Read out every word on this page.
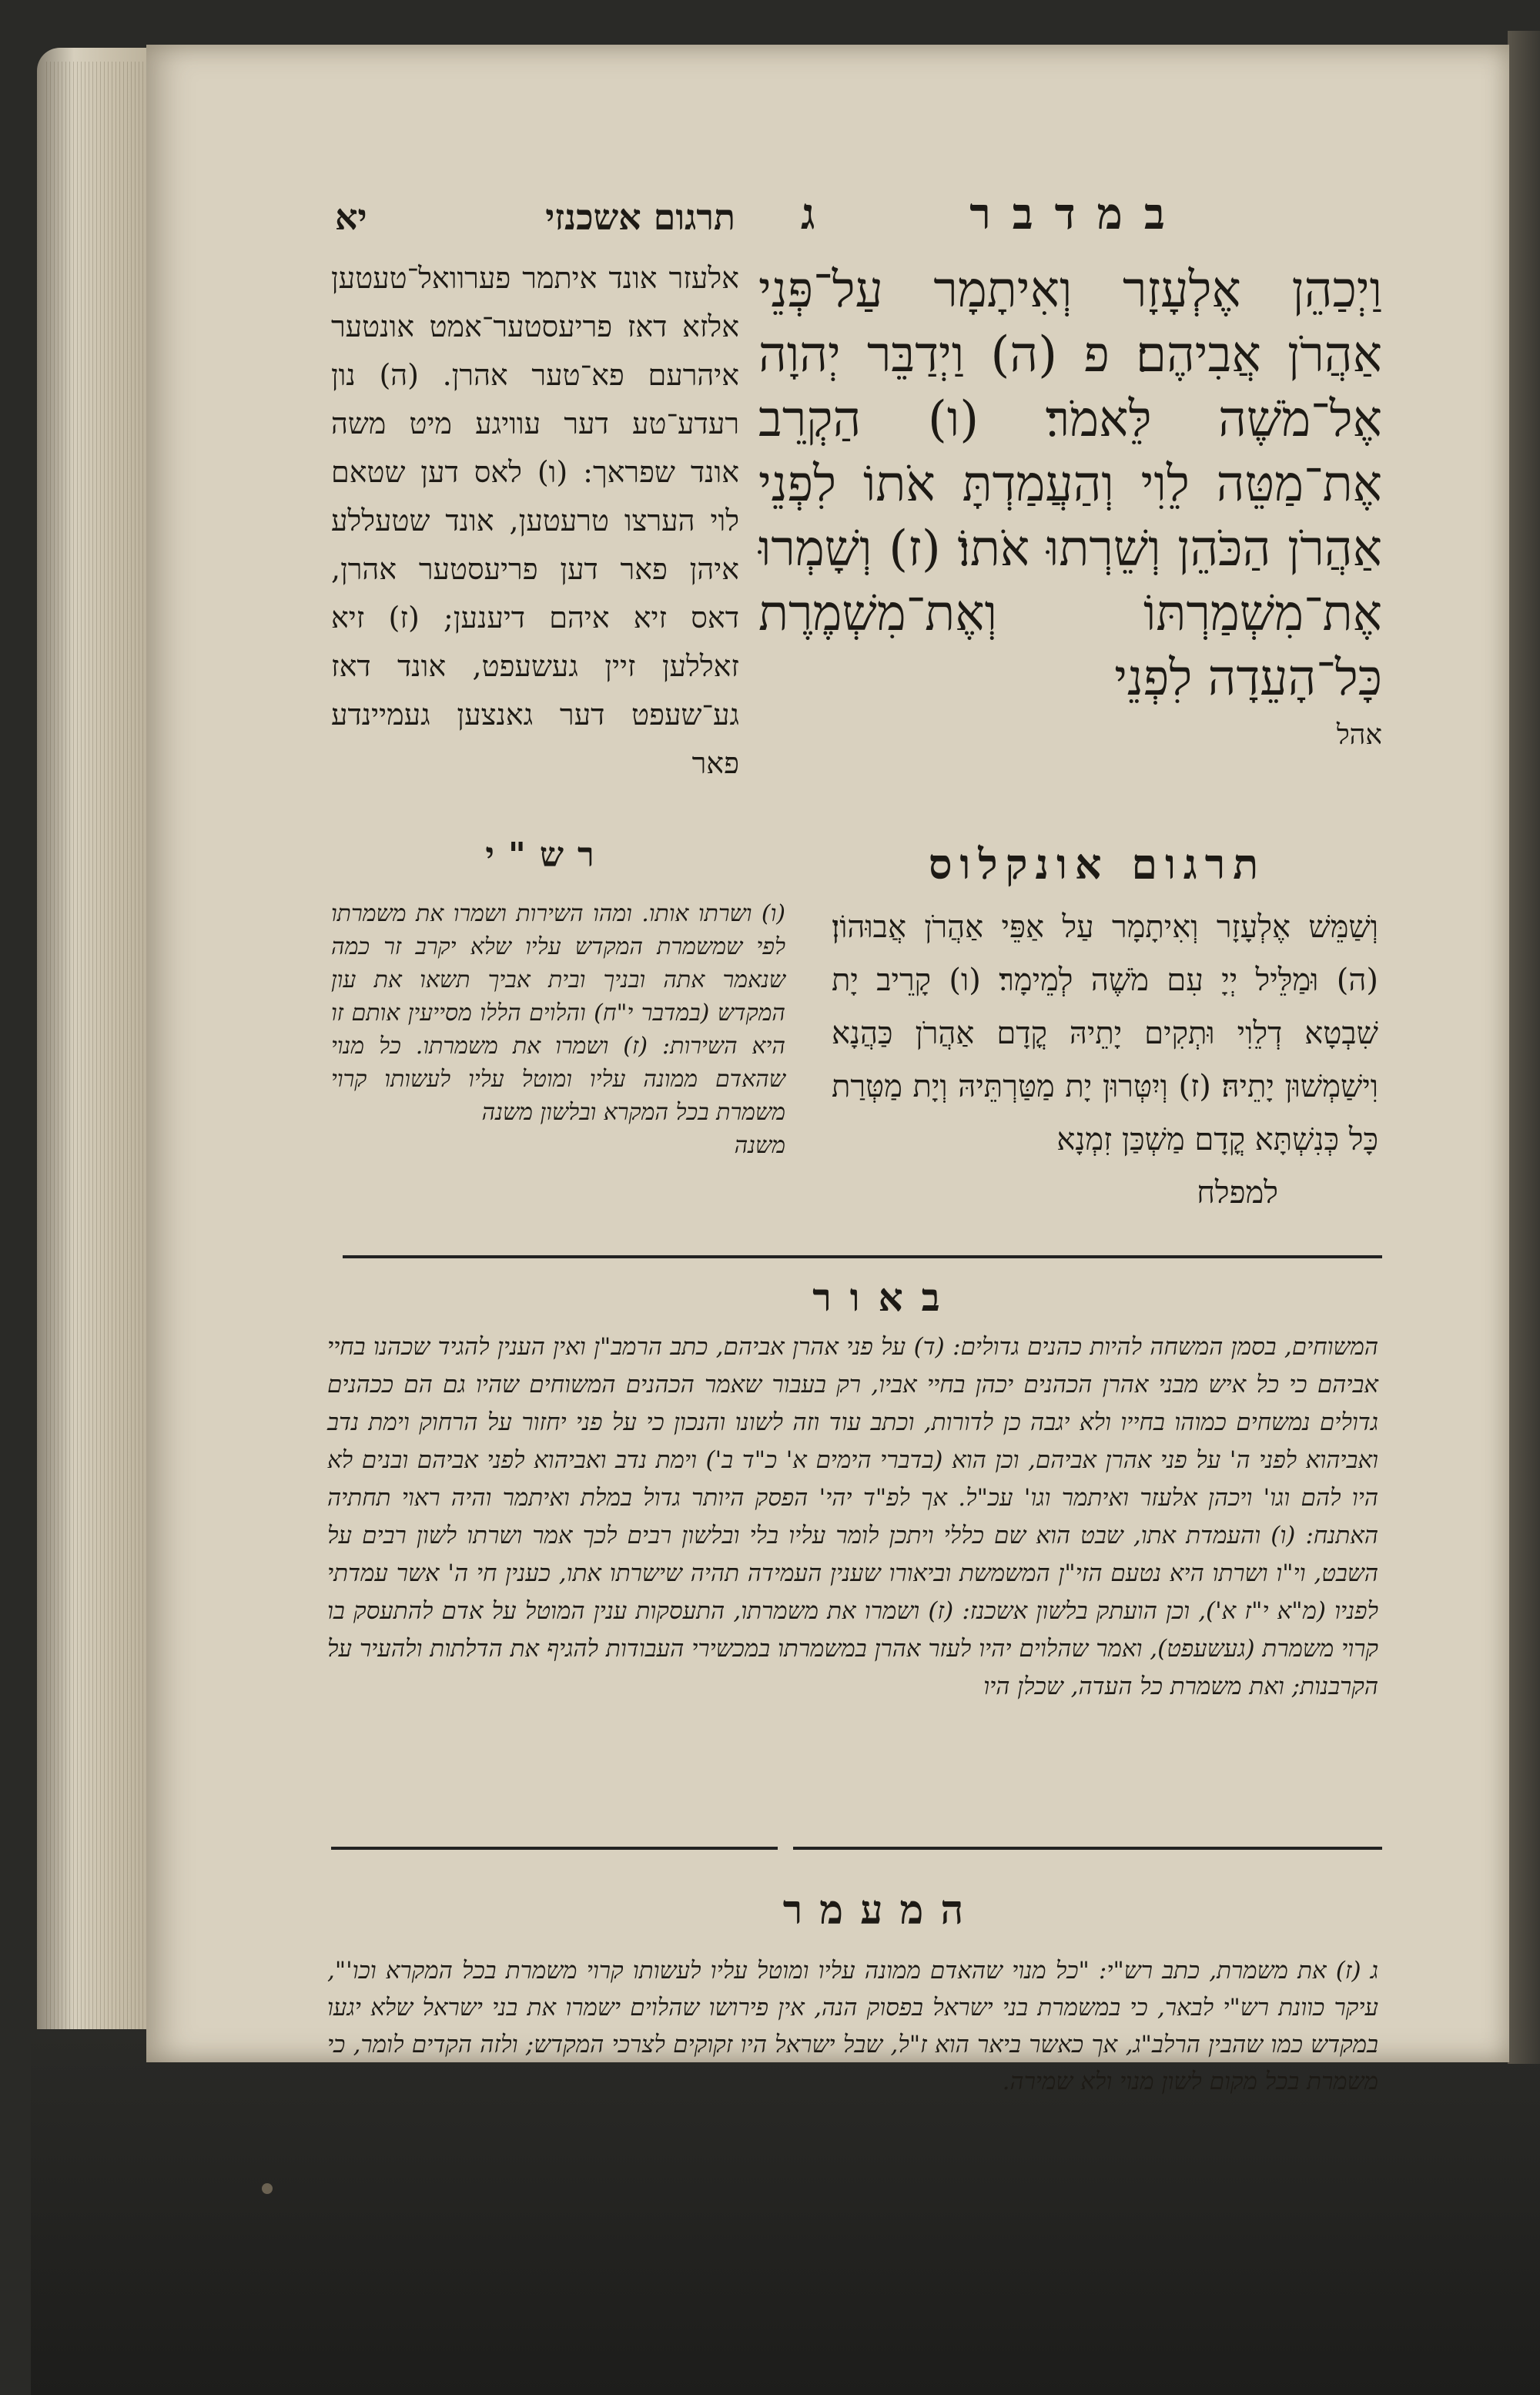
ג	במדבר
תרגום אשכנזי
יא
וַיְכַהֵן אֶלְעָזָר וְאִיתָמָר עַל־פְּנֵי אַהֲרֹן אֲבִיהֶם׃ פ (ה) וַיְדַבֵּר יְהוָה אֶל־מֹשֶׁה לֵּאמֹר׃ (ו) הַקְרֵב אֶת־מַטֵּה לֵוִי וְהַעֲמַדְתָּ אֹתוֹ לִפְנֵי אַהֲרֹן הַכֹּהֵן וְשֵׁרְתוּ אֹתוֹ׃ (ז) וְשָׁמְרוּ אֶת־מִשְׁמַרְתּוֹ וְאֶת־מִשְׁמֶרֶת כָּל־הָעֵדָה לִפְנֵי
אהל
אלעזר אונד איתמר פערוואל־טעטען אלזא דאז פריעסטער־אמט אונטער איהרעם פא־טער אהרן. (ה) נון רעדע־טע דער עוויגע מיט משה אונד שפראך: (ו) לאס דען שטאם לוי הערצו טרעטען, אונד שטעללע איהן פאר דען פריעסטער אהרן, דאס זיא איהם דיענען; (ז) זיא זאללען זיין געשעפט, אונד דאז גע־שעפט דער גאנצען געמיינדע פאר
תרגום אונקלוס
וְשַׁמֵּשׁ אֶלְעָזָר וְאִיתָמָר עַל אַפֵּי אַהֲרֹן אֲבוּהוֹן׃ (ה) וּמַלֵּיל יְיָ עִם מֹשֶׁה לְמֵימָר׃ (ו) קָרֵיב יָת שִׁבְטָא דְלֵוִי וּתְקִים יָתֵיהּ קֳדָם אַהֲרֹן כַּהֲנָא וִישַׁמְשׁוּן יָתֵיהּ׃ (ז) וְיִטְּרוּן יָת מַטַּרְתֵּיהּ וְיָת מַטְּרַת כָּל כְּנִשְׁתָּא קֳדָם מַשְׁכַּן זִמְנָא
למפלח
רש"י
(ו) ושרתו אותו. ומהו השירות ושמרו את משמרתו לפי שמשמרת המקדש עליו שלא יקרב זר כמה שנאמר אתה ובניך ובית אביך תשאו את עון המקדש (במדבר י"ח) והלוים הללו מסייעין אותם זו היא השירות: (ז) ושמרו את משמרתו. כל מנוי שהאדם ממונה עליו ומוטל עליו לעשותו קרוי משמרת בכל המקרא ובלשון משנה
משנה
באור
המשוחים, בסמן המשחה להיות כהנים גדולים: (ד) על פני אהרן אביהם, כתב הרמב"ן ואין הענין להגיד שכהנו בחיי אביהם כי כל איש מבני אהרן הכהנים יכהן בחיי אביו, רק בעבור שאמר הכהנים המשוחים שהיו גם הם ככהנים גדולים נמשחים כמוהו בחייו ולא יגבה כן לדורות, וכתב עוד וזה לשונו והנכון כי על פני יחזור על הרחוק וימת נדב ואביהוא לפני ה' על פני אהרן אביהם, וכן הוא (בדברי הימים א' כ"ד ב') וימת נדב ואביהוא לפני אביהם ובנים לא היו להם וגו' ויכהן אלעזר ואיתמר וגו' עכ"ל. אך לפ"ד יהי' הפסק היותר גדול במלת ואיתמר והיה ראוי תחתיה האתנח: (ו) והעמדת אתו, שבט הוא שם כללי ויתכן לומר עליו בלי ובלשון רבים לכך אמר ושרתו לשון רבים על השבט, וי"ו ושרתו היא נטעם הזי"ן המשמשת וביאורו שענין העמידה תהיה שישרתו אתו, כענין חי ה' אשר עמדתי לפניו (מ"א י"ז א'), וכן הועתק בלשון אשכנז: (ז) ושמרו את משמרתו, התעסקות ענין המוטל על אדם להתעסק בו קרוי משמרת (געשעפט), ואמר שהלוים יהיו לעזר אהרן במשמרתו במכשירי העבודות להגיף את הדלתות ולהעיר על הקרבנות; ואת משמרת כל העדה, שכלן היו
המעמר
ג (ז) את משמרת, כתב רש"י: "כל מנוי שהאדם ממונה עליו ומוטל עליו לעשותו קרוי משמרת בכל המקרא וכו'", עיקר כוונת רש"י לבאר, כי במשמרת בני ישראל בפסוק הנה, אין פירושו שהלוים ישמרו את בני ישראל שלא יגעו במקדש כמו שהבין הרלב"ג, אך כאשר ביאר הוא ז"ל, שבל ישראל היו זקוקים לצרכי המקדש; ולזה הקדים לומר, כי משמרת בכל מקום לשון מנוי ולא שמירה.
